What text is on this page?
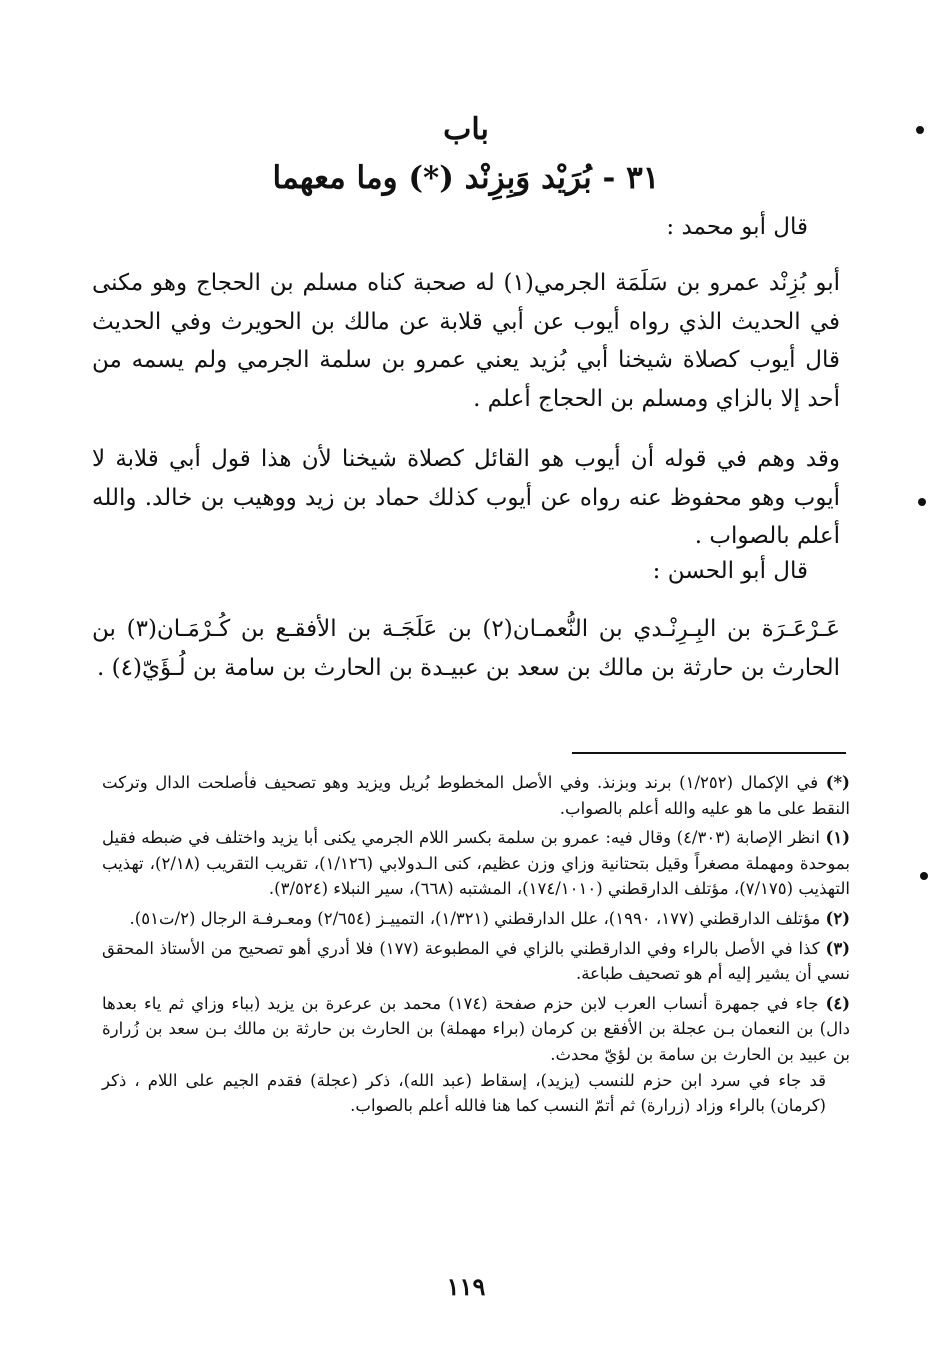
باب
٣١ - بُرَيْد وَبِزِنْد (*) وما معهما
قال أبو محمد :
أبو بُزِنْد عمرو بن سَلَمَة الجرمي(١) له صحبة كناه مسلم بن الحجاج وهو مكنى في الحديث الذي رواه أيوب عن أبي قلابة عن مالك بن الحويرث وفي الحديث قال أيوب كصلاة شيخنا أبي بُزيد يعني عمرو بن سلمة الجرمي ولم يسمه من أحد إلا بالزاي ومسلم بن الحجاج أعلم .
وقد وهم في قوله أن أيوب هو القائل كصلاة شيخنا لأن هذا قول أبي قلابة لا أيوب وهو محفوظ عنه رواه عن أيوب كذلك حماد بن زيد ووهيب بن خالد. والله أعلم بالصواب .
قال أبو الحسن :
عَـرْعَـرَة بن البِـرِنْـدي بن النُّعمـان(٢) بن عَلَجَـة بن الأفقـع بن كُـرْمَـان(٣) بن الحارث بن حارثة بن مالك بن سعد بن عبيـدة بن الحارث بن سامة بن لُـؤَيّ(٤) .
(*) في الإكمال (١/٢٥٢) برند وبزنذ. وفي الأصل المخطوط بُريل ويزيد وهو تصحيف فأصلحت الدال وتركت النقط على ما هو عليه والله أعلم بالصواب.
(١) انظر الإصابة (٤/٣٠٣) وقال فيه: عمرو بن سلمة بكسر اللام الجرمي يكنى أبا يزيد واختلف في ضبطه فقيل بموحدة ومهملة مصغراً وقيل بتحتانية وزاي وزن عظيم، كنى الـدولابي (١/١٢٦)، تقريب التقريب (٢/١٨)، تهذيب التهذيب (٧/١٧٥)، مؤتلف الدارقطني (١٧٤/١٠١٠)، المشتبه (٦٦٨)، سير النبلاء (٣/٥٢٤).
(٢) مؤتلف الدارقطني (١٧٧، ١٩٩٠)، علل الدارقطني (١/٣٢١)، التمييـز (٢/٦٥٤) ومعـرفـة الرجال (٢/ت٥١).
(٣) كذا في الأصل بالراء وفي الدارقطني بالزاي في المطبوعة (١٧٧) فلا أدري أهو تصحيح من الأستاذ المحقق نسي أن يشير إليه أم هو تصحيف طباعة.
(٤) جاء في جمهرة أنساب العرب لابن حزم صفحة (١٧٤) محمد بن عرعرة بن يزيد (بباء وزاي ثم ياء بعدها دال) بن النعمان بـن عجلة بن الأفقع بن كرمان (براء مهملة) بن الحارث بن حارثة بن مالك بـن سعد بن زُرارة بن عبيد بن الحارث بن سامة بن لؤيّ محدث.
قد جاء في سرد ابن حزم للنسب (يزيد)، إسقاط (عبد الله)، ذكر (عجلة) فقدم الجيم على اللام ، ذكر (كرمان) بالراء وزاد (زرارة) ثم أتمّ النسب كما هنا فالله أعلم بالصواب.
١١٩
